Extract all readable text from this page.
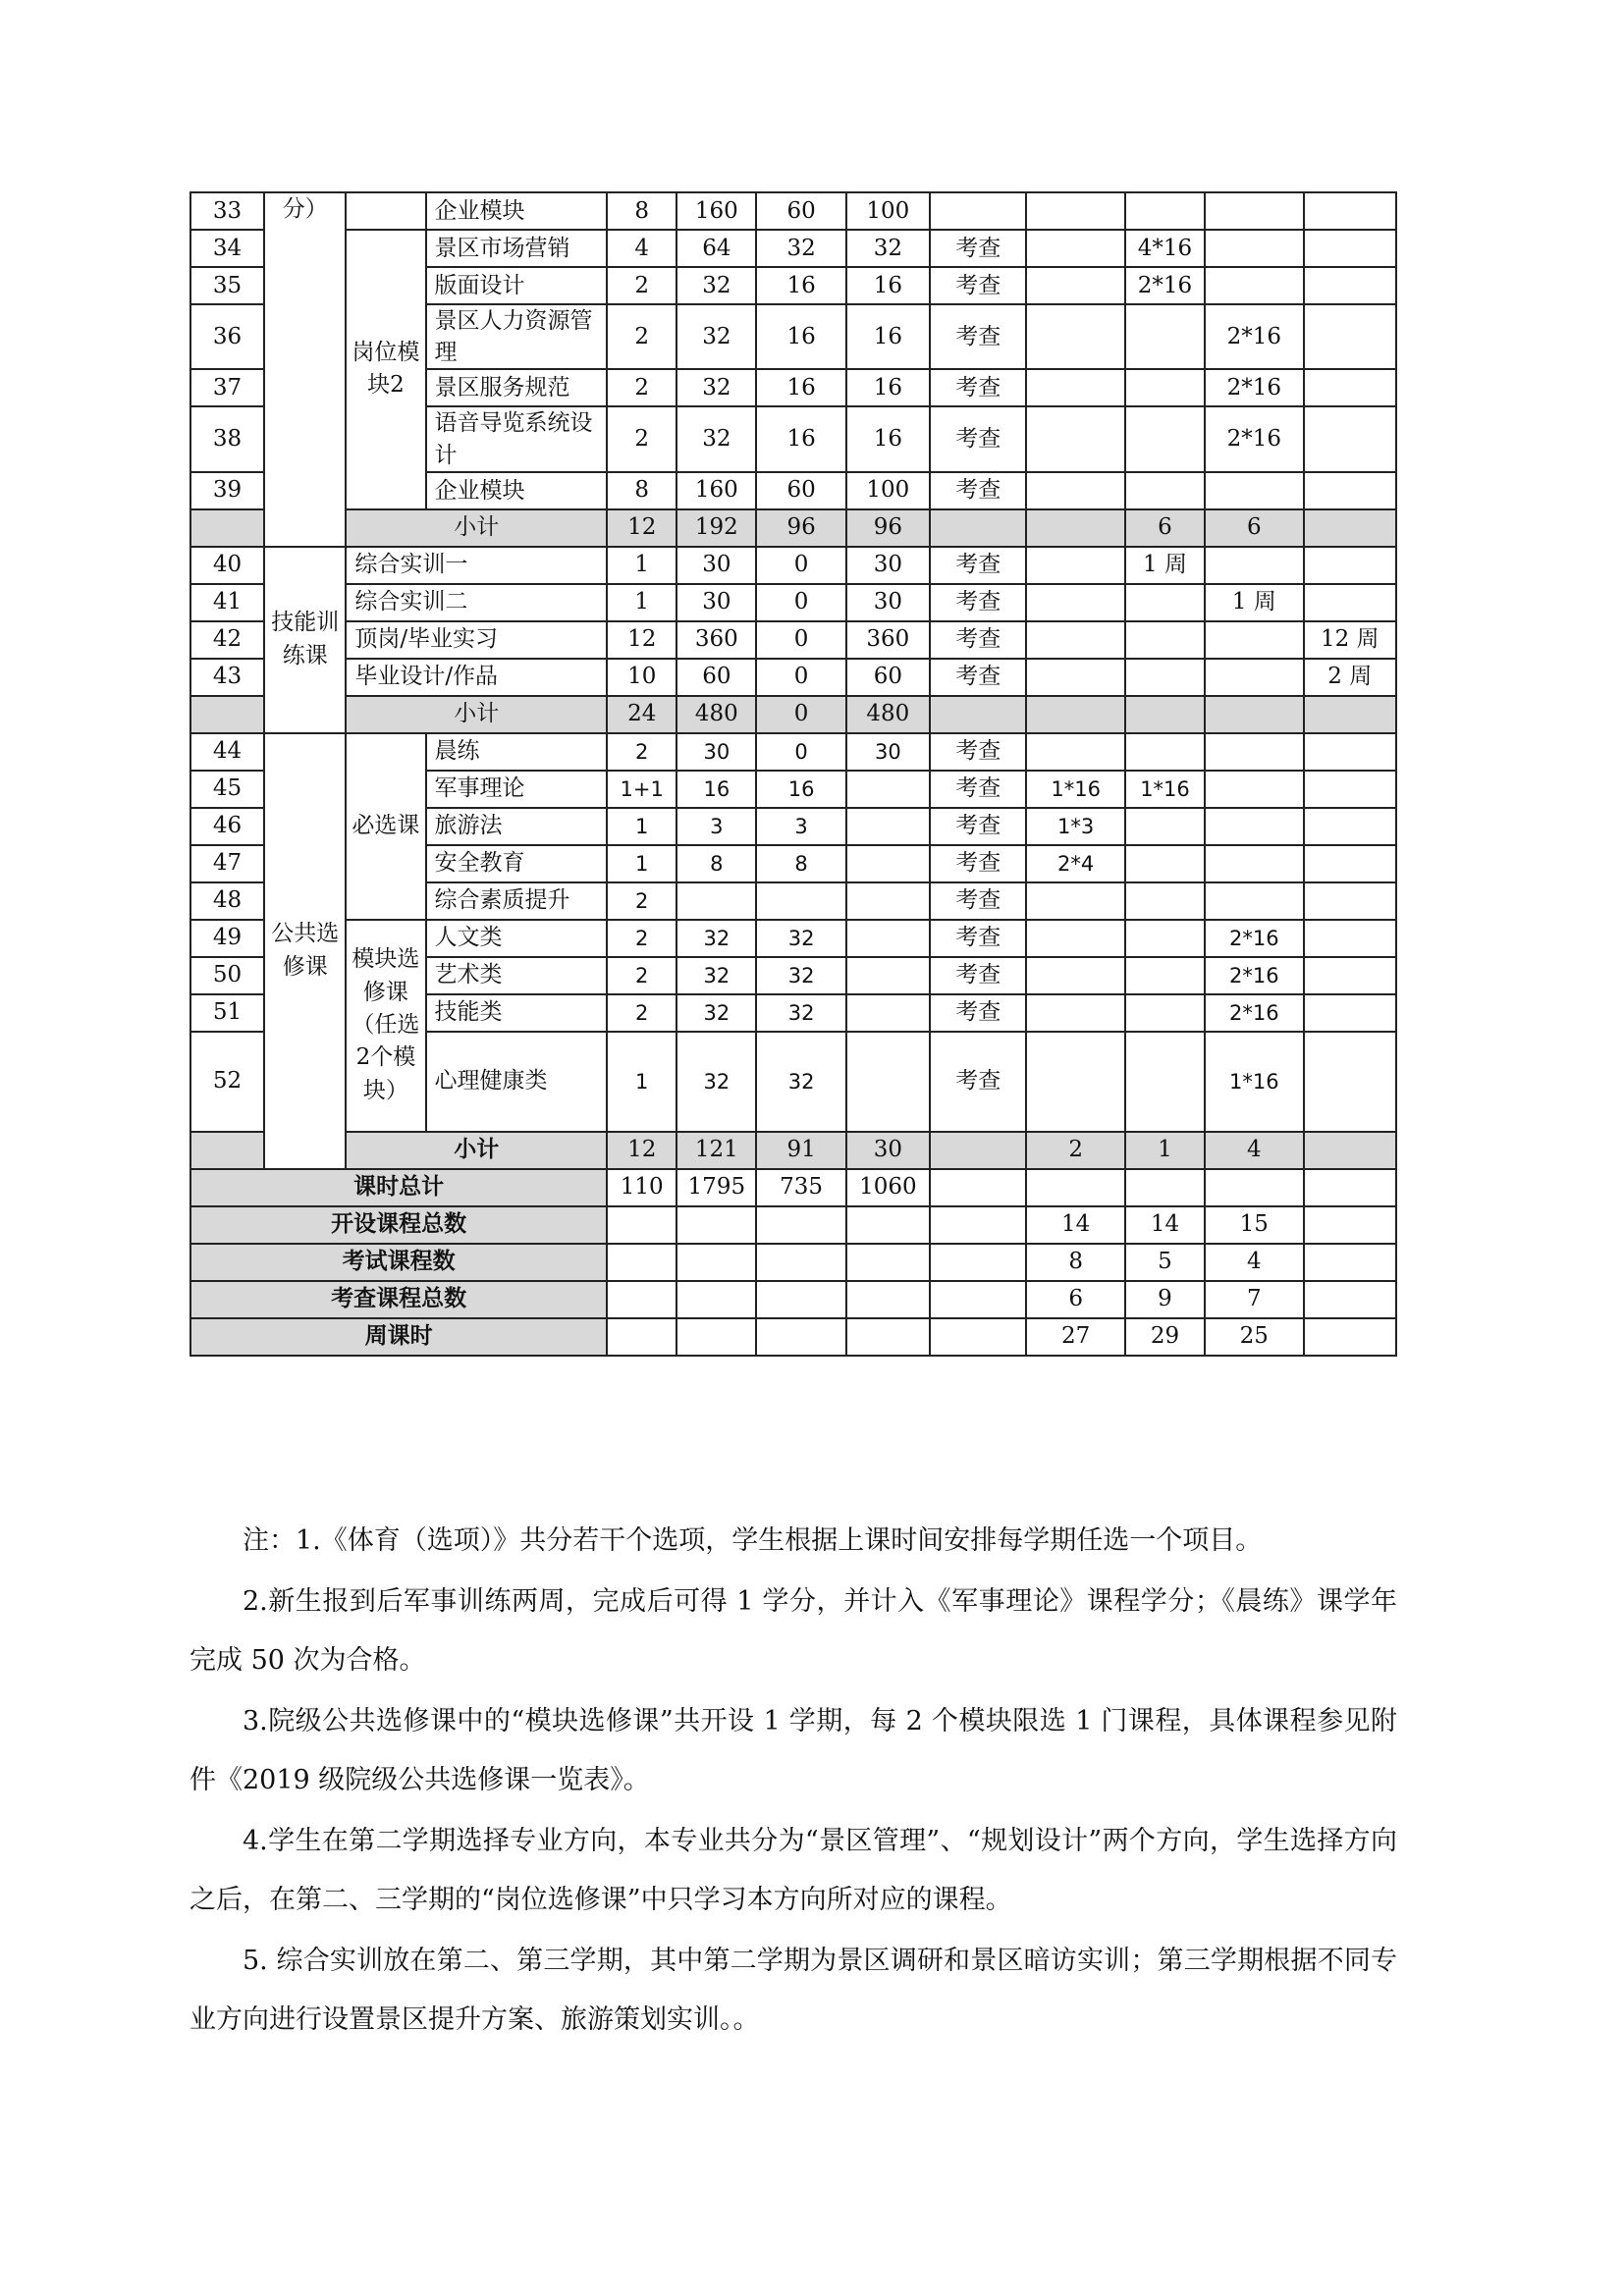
33	分）		企业模块	8	160	60	100					
34		岗位模块2	景区市场营销	4	64	32	32	考查		4*16		
35			版面设计	2	32	16	16	考查		2*16		
36			景区人力资源管理	2	32	16	16	考查			2*16	
37			景区服务规范	2	32	16	16	考查			2*16	
38			语音导览系统设计	2	32	16	16	考查			2*16	
39			企业模块	8	160	60	100	考查				
		小计		12	192	96	96			6	6	
40	技能训练课	综合实训一		1	30	0	30	考查		1 周		
41		综合实训二		1	30	0	30	考查			1 周	
42		顶岗/毕业实习		12	360	0	360	考查				12 周
43		毕业设计/作品		10	60	0	60	考查				2 周
		小计		24	480	0	480					
44	公共选修课	必选课	晨练	2	30	0	30	考查				
45			军事理论	1+1	16	16		考查	1*16	1*16		
46			旅游法	1	3	3		考查	1*3			
47			安全教育	1	8	8		考查	2*4			
48			综合素质提升	2				考查				
49		模块选修课（任选2个模块）	人文类	2	32	32		考查			2*16	
50			艺术类	2	32	32		考查			2*16	
51			技能类	2	32	32		考查			2*16	
52			心理健康类	1	32	32		考查			1*16	
		小计		12	121	91	30		2	1	4	
课时总计				110	1795	735	1060					
开设课程总数									14	14	15	
考试课程数									8	5	4	
考查课程总数									6	9	7	
周课时									27	29	25	

注：1.《体育（选项）》共分若干个选项，学生根据上课时间安排每学期任选一个项目。

2.新生报到后军事训练两周，完成后可得 1 学分，并计入《军事理论》课程学分；《晨练》课学年完成 50 次为合格。

3.院级公共选修课中的“模块选修课”共开设 1 学期，每 2 个模块限选 1 门课程，具体课程参见附件《2019 级院级公共选修课一览表》。

4.学生在第二学期选择专业方向，本专业共分为“景区管理”、“规划设计”两个方向，学生选择方向之后，在第二、三学期的“岗位选修课”中只学习本方向所对应的课程。

5. 综合实训放在第二、第三学期，其中第二学期为景区调研和景区暗访实训；第三学期根据不同专业方向进行设置景区提升方案、旅游策划实训。。
